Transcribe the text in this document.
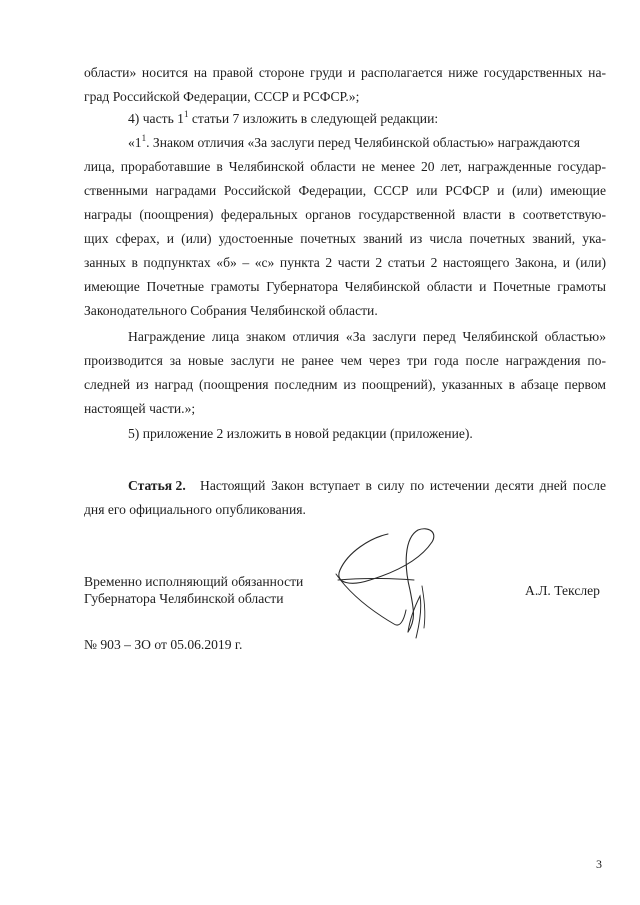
области» носится на правой стороне груди и располагается ниже государственных на-
град Российской Федерации, СССР и РСФСР.»;
4) часть $1^1$ статьи 7 изложить в следующей редакции:
«$1^1$. Знаком отличия «За заслуги перед Челябинской областью» награждаются
лица, проработавшие в Челябинской области не менее 20 лет, награжденные государ-
ственными наградами Российской Федерации, СССР или РСФСР и (или) имеющие
награды (поощрения) федеральных органов государственной власти в соответствую-
щих сферах, и (или) удостоенные почетных званий из числа почетных званий, ука-
занных в подпунктах «б» – «с» пункта 2 части 2 статьи 2 настоящего Закона, и (или)
имеющие Почетные грамоты Губернатора Челябинской области и Почетные грамоты
Законодательного Собрания Челябинской области.
Награждение лица знаком отличия «За заслуги перед Челябинской областью»
производится за новые заслуги не ранее чем через три года после награждения по-
следней из наград (поощрения последним из поощрений), указанных в абзаце первом
настоящей части.»;
5) приложение 2 изложить в новой редакции (приложение).
Статья 2. Настоящий Закон вступает в силу по истечении десяти дней после
дня его официального опубликования.
Временно исполняющий обязанности
Губернатора Челябинской области
А.Л. Текслер
№ 903 – ЗО от 05.06.2019 г.
3
